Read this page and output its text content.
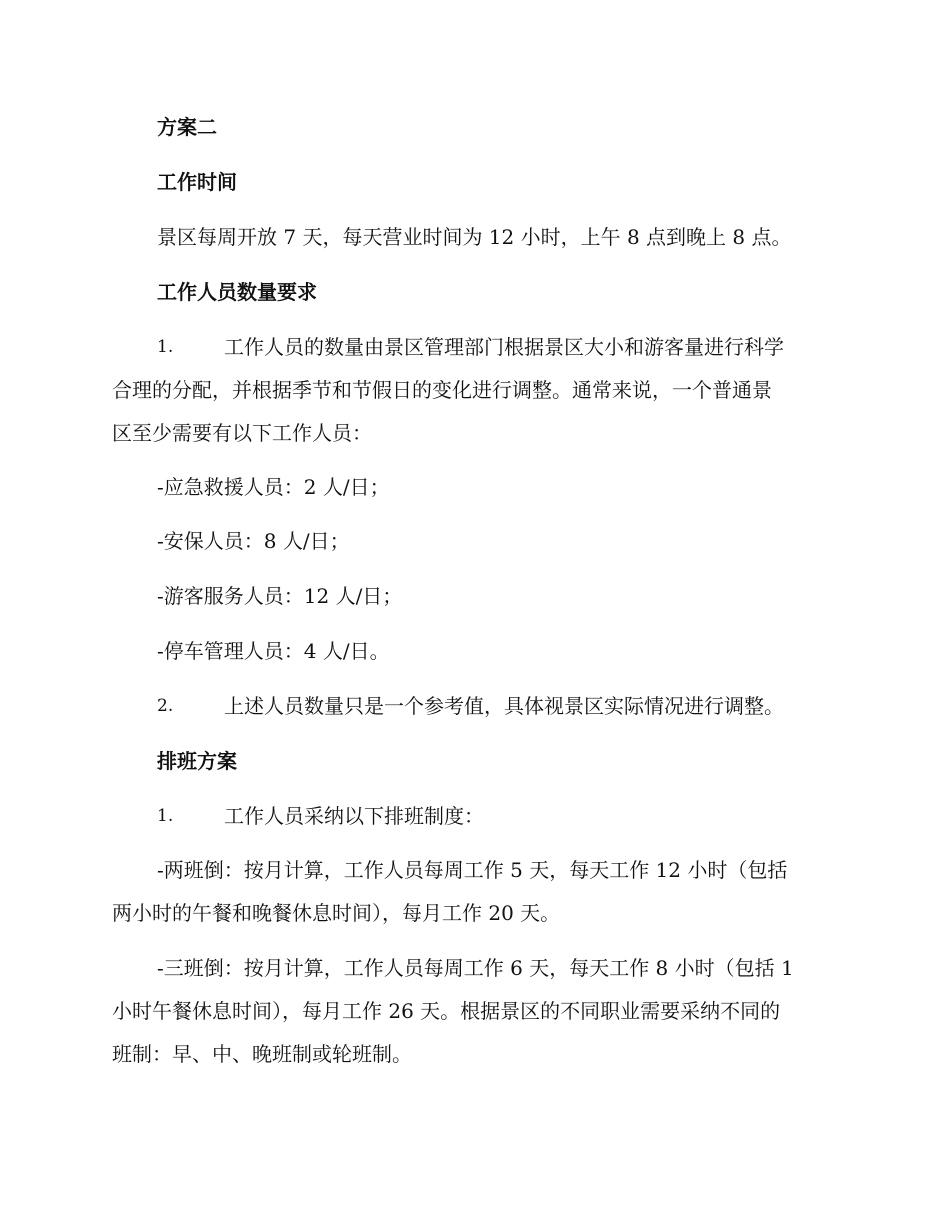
方案二
工作时间
景区每周开放 7 天，每天营业时间为 12 小时，上午 8 点到晚上 8 点。
工作人员数量要求
1.	工作人员的数量由景区管理部门根据景区大小和游客量进行科学
合理的分配，并根据季节和节假日的变化进行调整。通常来说，一个普通景
区至少需要有以下工作人员：
-应急救援人员：2 人/日；
-安保人员：8 人/日；
-游客服务人员：12 人/日；
-停车管理人员：4 人/日。
2.	上述人员数量只是一个参考值，具体视景区实际情况进行调整。
排班方案
1.	工作人员采纳以下排班制度：
-两班倒：按月计算，工作人员每周工作 5 天，每天工作 12 小时（包括
两小时的午餐和晚餐休息时间），每月工作 20 天。
-三班倒：按月计算，工作人员每周工作 6 天，每天工作 8 小时（包括 1
小时午餐休息时间），每月工作 26 天。根据景区的不同职业需要采纳不同的
班制：早、中、晚班制或轮班制。
